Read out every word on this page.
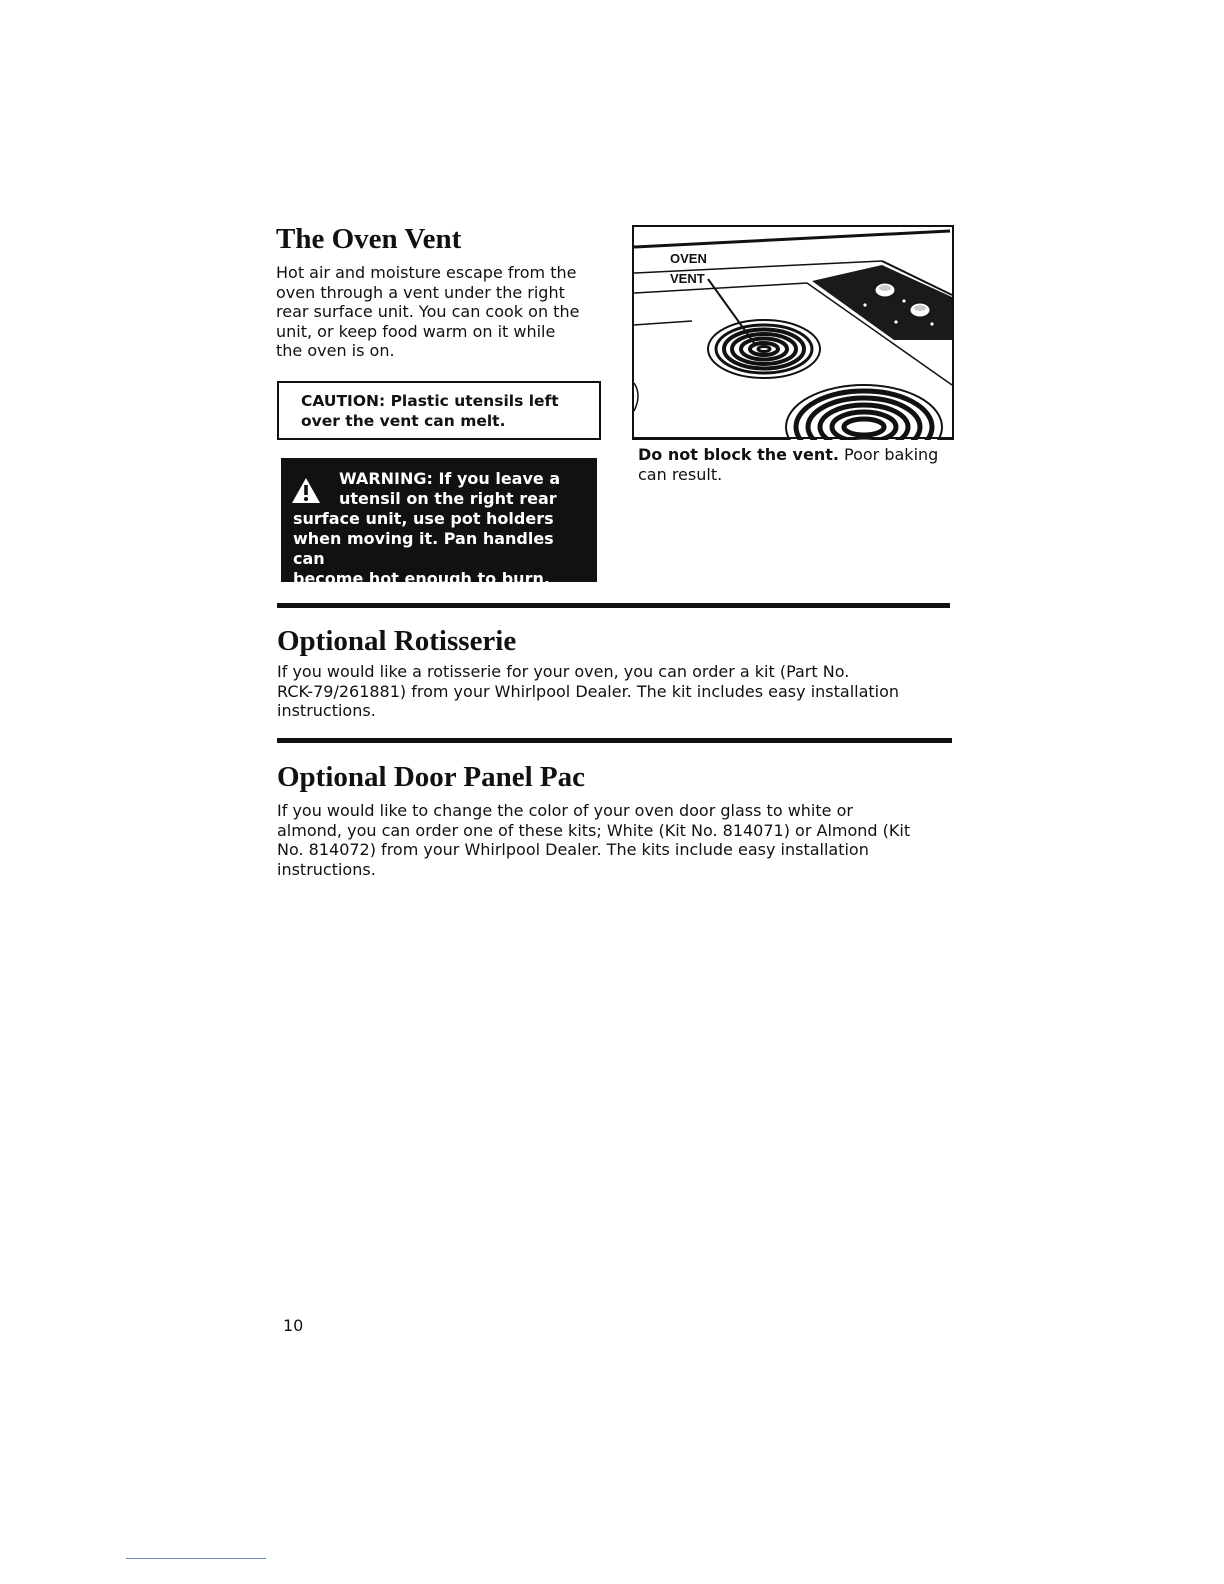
The Oven Vent
Hot air and moisture escape from the
oven through a vent under the right
rear surface unit. You can cook on the
unit, or keep food warm on it while
the oven is on.
CAUTION: Plastic utensils left
over the vent can melt.
WARNING: If you leave a
utensil on the right rear
surface unit, use pot holders
when moving it. Pan handles can
become hot enough to burn.
OVEN
VENT
Do not block the vent. Poor baking can result.
Optional Rotisserie
If you would like a rotisserie for your oven, you can order a kit (Part No.
RCK-79/261881) from your Whirlpool Dealer. The kit includes easy installation
instructions.
Optional Door Panel Pac
If you would like to change the color of your oven door glass to white or
almond, you can order one of these kits; White (Kit No. 814071) or Almond (Kit
No. 814072) from your Whirlpool Dealer. The kits include easy installation
instructions.
10
